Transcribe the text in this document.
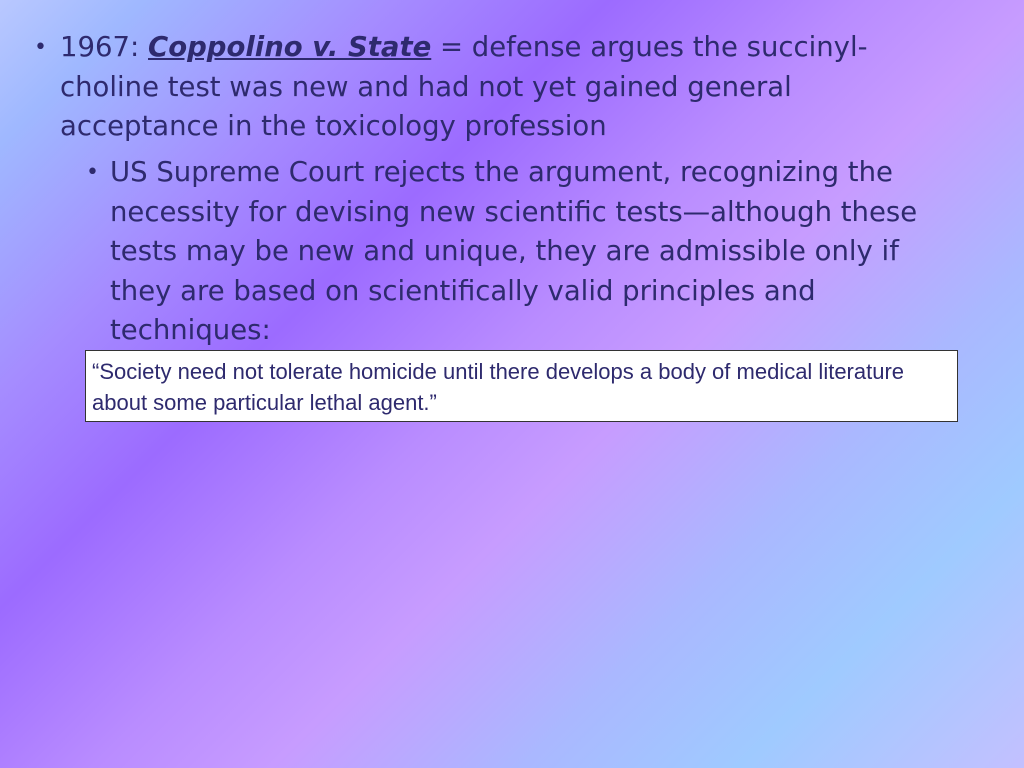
• 1967: Coppolino v. State = defense argues the succinyl-choline test was new and had not yet gained general acceptance in the toxicology profession
• US Supreme Court rejects the argument, recognizing the necessity for devising new scientific tests—although these tests may be new and unique, they are admissible only if they are based on scientifically valid principles and techniques:
“Society need not tolerate homicide until there develops a body of medical literature about some particular lethal agent.”
